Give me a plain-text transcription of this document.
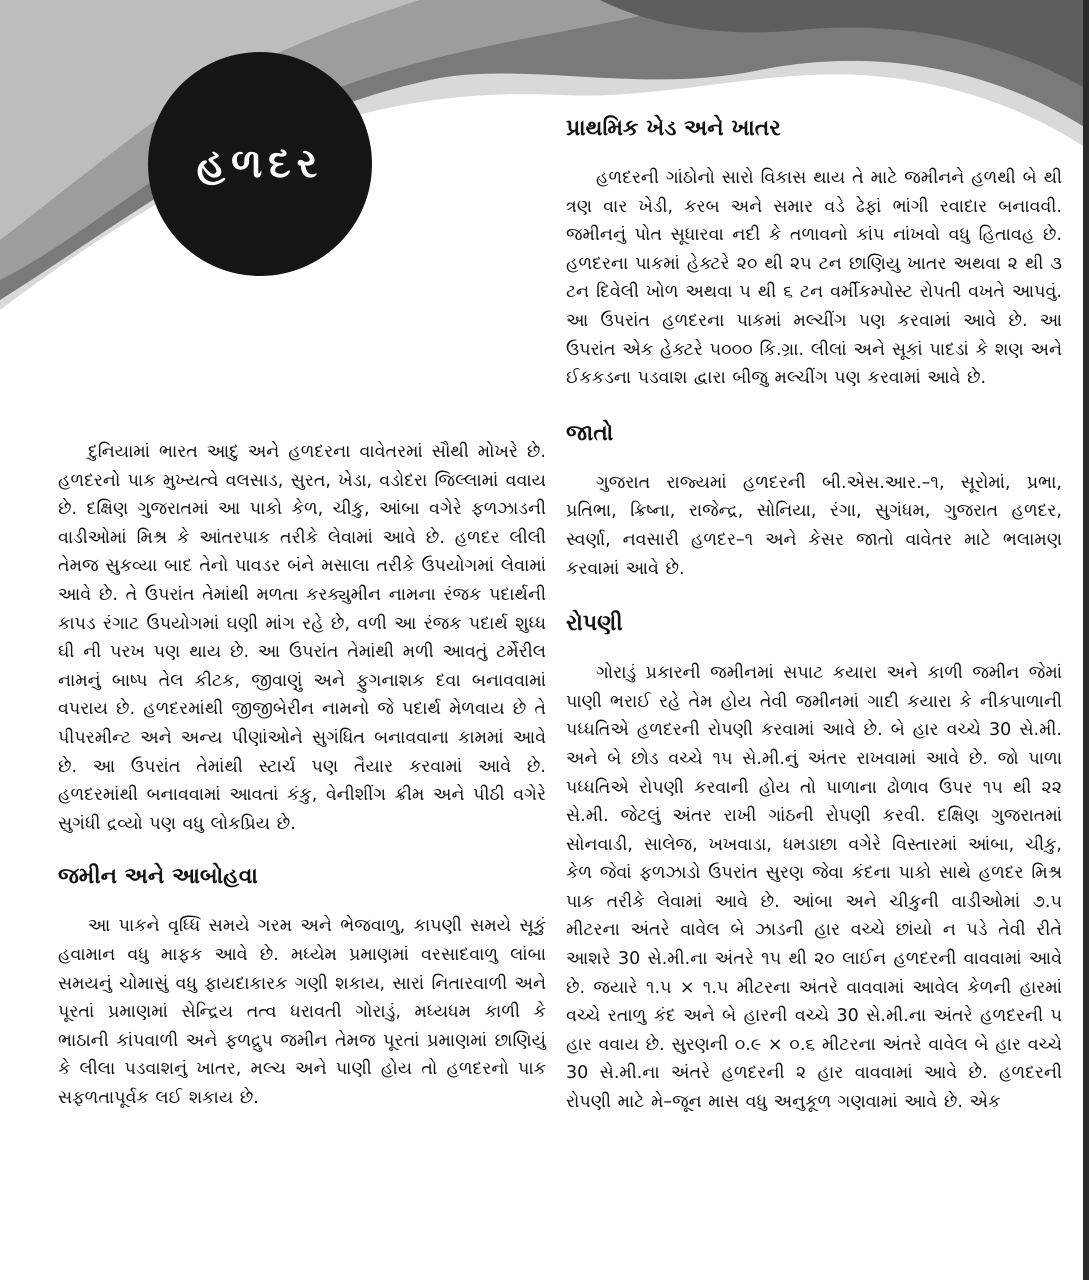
હળદર

દુનિયામાં ભારત આદુ અને હળદરના વાવેતરમાં સૌથી મોખરે છે. હળદરનો પાક મુખ્યત્વે વલસાડ, સુરત, ખેડા, વડોદરા જિલ્લામાં વવાય છે. દક્ષિણ ગુજરાતમાં આ પાકો કેળ, ચીકુ, આંબા વગેરે ફળઝાડની વાડીઓમાં મિશ્ર કે આંતરપાક તરીકે લેવામાં આવે છે. હળદર લીલી તેમજ સુકવ્યા બાદ તેનો પાવડર બંને મસાલા તરીકે ઉપયોગમાં લેવામાં આવે છે. તે ઉપરાંત તેમાંથી મળતા કરક્યુમીન નામના રંજક પદાર્થની કાપડ રંગાટ ઉપયોગમાં ઘણી માંગ રહે છે, વળી આ રંજક પદાર્થ શુધ્ધ ઘી ની પરખ પણ થાય છે. આ ઉપરાંત તેમાંથી મળી આવતું ટર્મેરીલ નામનું બાષ્પ તેલ કીટક, જીવાણું અને ફુગનાશક દવા બનાવવામાં વપરાય છે. હળદરમાંથી જીજીબેરીન નામનો જે પદાર્થ મેળવાય છે તે પીપરમીન્ટ અને અન્ય પીણાંઓને સુગંધિત બનાવવાના કામમાં આવે છે. આ ઉપરાંત તેમાંથી સ્ટાર્ચ પણ તૈયાર કરવામાં આવે છે. હળદરમાંથી બનાવવામાં આવતાં કંકુ, વેનીશીંગ ક્રીમ અને પીઠી વગેરે સુગંધી દ્રવ્યો પણ વધુ લોકપ્રિય છે.

જમીન અને આબોહવા

આ પાકને વૃધ્ધિ સમયે ગરમ અને ભેજવાળુ, કાપણી સમયે સૂકું હવામાન વધુ માફક આવે છે. મધ્યેમ પ્રમાણમાં વરસાદવાળુ લાંબા સમયનું ચોમાસું વધુ ફાયદાકારક ગણી શકાય, સારાં નિતારવાળી અને પૂરતાં પ્રમાણમાં સેન્દ્રિય તત્વ ધરાવતી ગોરાડું, મધ્યધમ કાળી કે ભાઠાની કાંપવાળી અને ફળદ્રુપ જમીન તેમજ પૂરતાં પ્રમાણમાં છાણિયું કે લીલા પડવાશનું ખાતર, મલ્ચ અને પાણી હોય તો હળદરનો પાક સફળતાપૂર્વક લઈ શકાય છે.

પ્રાથમિક ખેડ અને ખાતર

હળદરની ગાંઠોનો સારો વિકાસ થાય તે માટે જમીનને હળથી બે થી ત્રણ વાર ખેડી, કરબ અને સમાર વડે ઢેફાં ભાંગી રવાદાર બનાવવી. જમીનનું પોત સૂધારવા નદી કે તળાવનો કાંપ નાંખવો વધુ હિતાવહ છે. હળદરના પાકમાં હેક્ટરે ૨૦ થી ૨૫ ટન છાણિયુ ખાતર અથવા ૨ થી ૩ ટન દિવેલી ખોળ અથવા ૫ થી ૬ ટન વર્મીકમ્પોસ્ટ રોપતી વખતે આપવું. આ ઉપરાંત હળદરના પાકમાં મલ્ચીંગ પણ કરવામાં આવે છે. આ ઉપરાંત એક હેક્ટરે ૫૦૦૦ કિ.ગ્રા. લીલાં અને સૂકાં પાદડાં કે શણ અને ઈકકડના પડવાશ દ્વારા બીજુ મલ્ચીંગ પણ કરવામાં આવે છે.

જાતો

ગુજરાત રાજ્યમાં હળદરની બી.એસ.આર.–૧, સૂરોમાં, પ્રભા, પ્રતિભા, ક્રિષ્ના, રાજેન્દ્ર, સોનિયા, રંગા, સુગંધમ, ગુજરાત હળદર, સ્વર્ણા, નવસારી હળદર–૧ અને કેસર જાતો વાવેતર માટે ભલામણ કરવામાં આવે છે.

રોપણી

ગોરાડું પ્રકારની જમીનમાં સપાટ કયારા અને કાળી જમીન જેમાં પાણી ભરાઈ રહે તેમ હોય તેવી જમીનમાં ગાદી કયારા કે નીકપાળાની પધ્ધતિએ હળદરની રોપણી કરવામાં આવે છે. બે હાર વચ્ચે 30 સે.મી. અને બે છોડ વચ્ચે ૧૫ સે.મી.નું અંતર રાખવામાં આવે છે. જો પાળા પધ્ધતિએ રોપણી કરવાની હોય તો પાળાના ઢોળાવ ઉપર ૧૫ થી ૨૨ સે.મી. જેટલું અંતર રાખી ગાંઠની રોપણી કરવી. દક્ષિણ ગુજરાતમાં સોનવાડી, સાલેજ, ખખવાડા, ધમડાછા વગેરે વિસ્તારમાં આંબા, ચીકુ, કેળ જેવાં ફળઝાડો ઉપરાંત સુરણ જેવા કંદના પાકો સાથે હળદર મિશ્ર પાક તરીકે લેવામાં આવે છે. આંબા અને ચીકુની વાડીઓમાં ૭.૫ મીટરના અંતરે વાવેલ બે ઝાડની હાર વચ્ચે છાંયો ન પડે તેવી રીતે આશરે 30 સે.મી.ના અંતરે ૧૫ થી ૨૦ લાઈન હળદરની વાવવામાં આવે છે. જયારે ૧.૫ × ૧.૫ મીટરના અંતરે વાવવામાં આવેલ કેળની હારમાં વચ્ચે રતાળુ કંદ અને બે હારની વચ્ચે 30 સે.મી.ના અંતરે હળદરની ૫ હાર વવાય છે. સુરણની ૦.૯ × ૦.૬ મીટરના અંતરે વાવેલ બે હાર વચ્ચે 30 સે.મી.ના અંતરે હળદરની ૨ હાર વાવવામાં આવે છે. હળદરની રોપણી માટે મે–જૂન માસ વધુ અનુકૂળ ગણવામાં આવે છે. એક
